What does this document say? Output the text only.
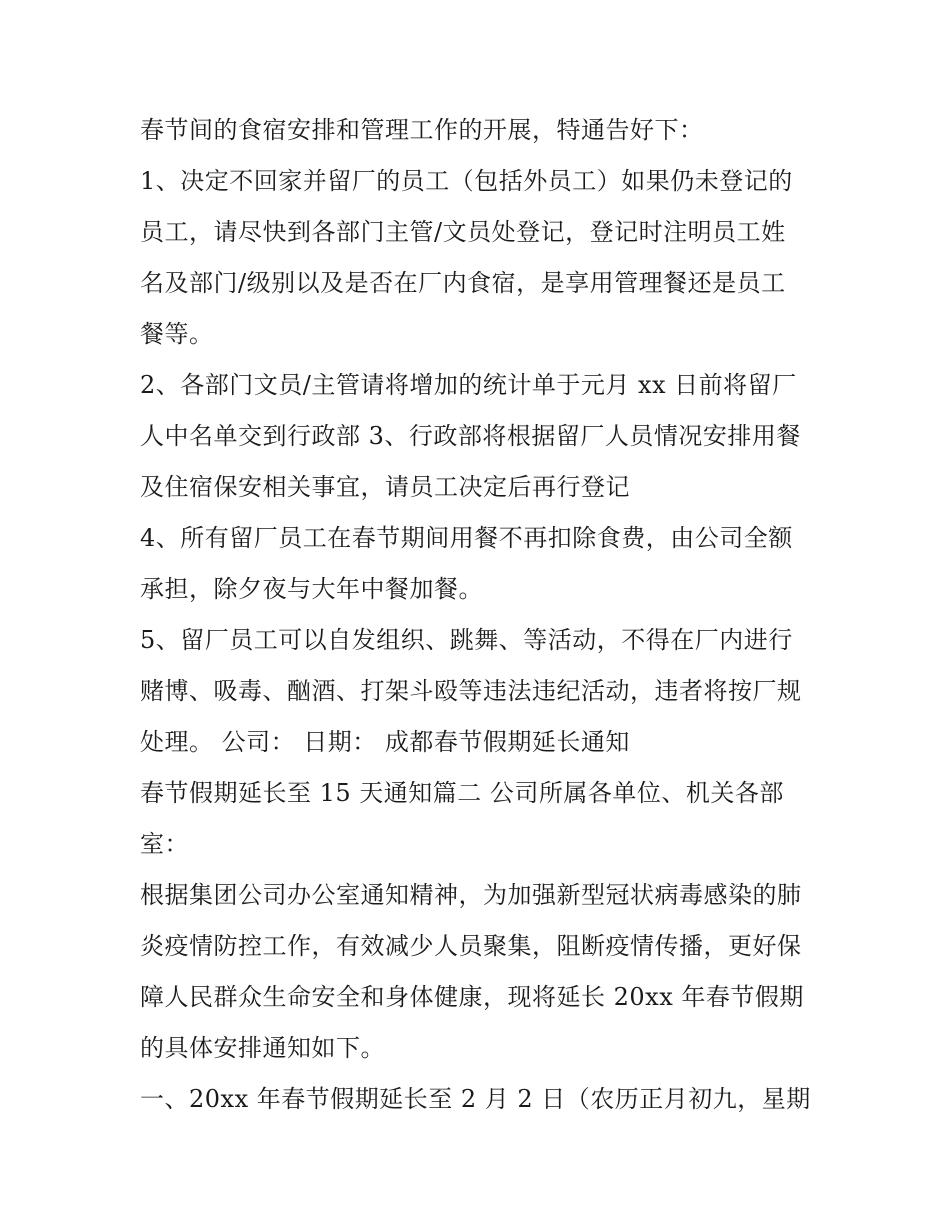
春节间的食宿安排和管理工作的开展，特通告好下：
1、决定不回家并留厂的员工（包括外员工）如果仍未登记的
员工，请尽快到各部门主管/文员处登记，登记时注明员工姓
名及部门/级别以及是否在厂内食宿，是享用管理餐还是员工
餐等。
2、各部门文员/主管请将增加的统计单于元月 xx 日前将留厂
人中名单交到行政部 3、行政部将根据留厂人员情况安排用餐
及住宿保安相关事宜，请员工决定后再行登记
4、所有留厂员工在春节期间用餐不再扣除食费，由公司全额
承担，除夕夜与大年中餐加餐。
5、留厂员工可以自发组织、跳舞、等活动，不得在厂内进行
赌博、吸毒、酗酒、打架斗殴等违法违纪活动，违者将按厂规
处理。 公司： 日期： 成都春节假期延长通知
春节假期延长至 15 天通知篇二 公司所属各单位、机关各部
室：
根据集团公司办公室通知精神，为加强新型冠状病毒感染的肺
炎疫情防控工作，有效减少人员聚集，阻断疫情传播，更好保
障人民群众生命安全和身体健康，现将延长 20xx 年春节假期
的具体安排通知如下。
一、20xx 年春节假期延长至 2 月 2 日（农历正月初九，星期
